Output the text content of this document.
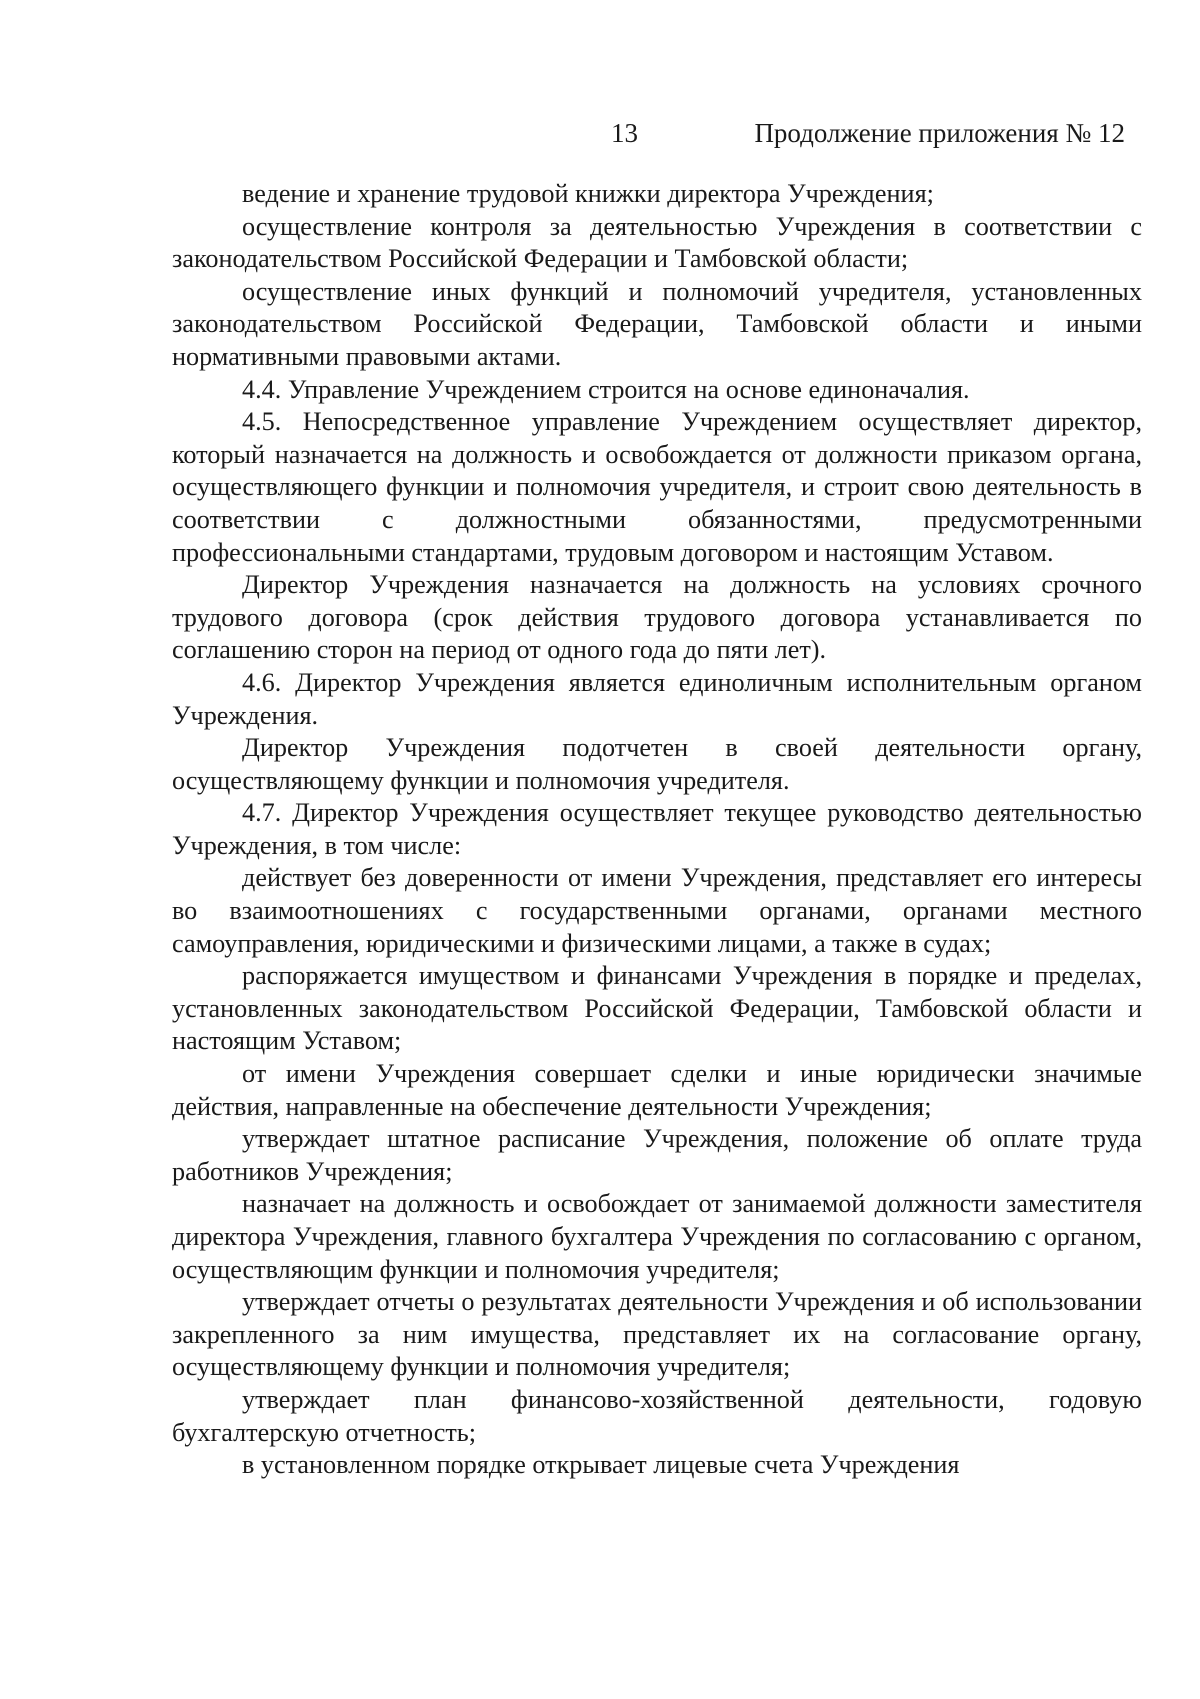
13	Продолжение приложения № 12

ведение и хранение трудовой книжки директора Учреждения;

осуществление контроля за деятельностью Учреждения в соответствии с законодательством Российской Федерации и Тамбовской области;

осуществление иных функций и полномочий учредителя, установленных законодательством Российской Федерации, Тамбовской области и иными нормативными правовыми актами.

4.4. Управление Учреждением строится на основе единоначалия.

4.5. Непосредственное управление Учреждением осуществляет директор, который назначается на должность и освобождается от должности приказом органа, осуществляющего функции и полномочия учредителя, и строит свою деятельность в соответствии с должностными обязанностями, предусмотренными профессиональными стандартами, трудовым договором и настоящим Уставом.

Директор Учреждения назначается на должность на условиях срочного трудового договора (срок действия трудового договора устанавливается по соглашению сторон на период от одного года до пяти лет).

4.6. Директор Учреждения является единоличным исполнительным органом Учреждения.

Директор Учреждения подотчетен в своей деятельности органу, осуществляющему функции и полномочия учредителя.

4.7. Директор Учреждения осуществляет текущее руководство деятельностью Учреждения, в том числе:

действует без доверенности от имени Учреждения, представляет его интересы во взаимоотношениях с государственными органами, органами местного самоуправления, юридическими и физическими лицами, а также в судах;

распоряжается имуществом и финансами Учреждения в порядке и пределах, установленных законодательством Российской Федерации, Тамбовской области и настоящим Уставом;

от имени Учреждения совершает сделки и иные юридически значимые действия, направленные на обеспечение деятельности Учреждения;

утверждает штатное расписание Учреждения, положение об оплате труда работников Учреждения;

назначает на должность и освобождает от занимаемой должности заместителя директора Учреждения, главного бухгалтера Учреждения по согласованию с органом, осуществляющим функции и полномочия учредителя;

утверждает отчеты о результатах деятельности Учреждения и об использовании закрепленного за ним имущества, представляет их на согласование органу, осуществляющему функции и полномочия учредителя;

утверждает план финансово-хозяйственной деятельности, годовую бухгалтерскую отчетность;

в установленном порядке открывает лицевые счета Учреждения
